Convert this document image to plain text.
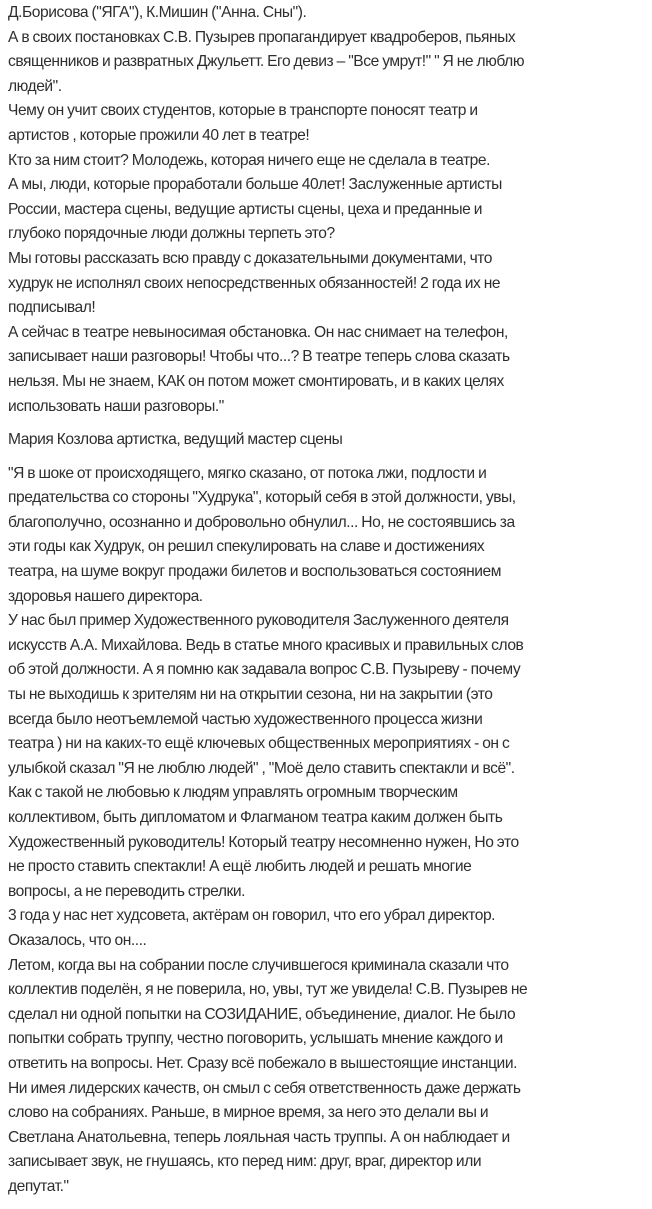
Д.Борисова ("ЯГА"), К.Мишин ("Анна. Сны").
А в своих постановках С.В. Пузырев пропагандирует квадроберов, пьяных
священников и развратных Джульетт. Его девиз – "Все умрут!" " Я не люблю
людей".
Чему он учит своих студентов, которые в транспорте поносят театр и
артистов , которые прожили 40 лет в театре!
Кто за ним стоит? Молодежь, которая ничего еще не сделала в театре.
А мы, люди, которые проработали больше 40лет! Заслуженные артисты
России, мастера сцены, ведущие артисты сцены, цеха и преданные и
глубоко порядочные люди должны терпеть это?
Мы готовы рассказать всю правду с доказательными документами, что
худрук не исполнял своих непосредственных обязанностей! 2 года их не
подписывал!
А сейчас в театре невыносимая обстановка. Он нас снимает на телефон,
записывает наши разговоры! Чтобы что...? В театре теперь слова сказать
нельзя. Мы не знаем, КАК он потом может смонтировать, и в каких целях
использовать наши разговоры."
Мария Козлова артистка, ведущий мастер сцены
"Я в шоке от происходящего, мягко сказано, от потока лжи, подлости и
предательства со стороны "Худрука", который себя в этой должности, увы,
благополучно, осознанно и добровольно обнулил... Но, не состоявшись за
эти годы как Худрук, он решил спекулировать на славе и достижениях
театра, на шуме вокруг продажи билетов и воспользоваться состоянием
здоровья нашего директора.
У нас был пример Художественного руководителя Заслуженного деятеля
искусств А.А. Михайлова. Ведь в статье много красивых и правильных слов
об этой должности. А я помню как задавала вопрос С.В. Пузыреву - почему
ты не выходишь к зрителям ни на открытии сезона, ни на закрытии (это
всегда было неотъемлемой частью художественного процесса жизни
театра ) ни на каких-то ещё ключевых общественных мероприятиях - он с
улыбкой сказал "Я не люблю людей" , "Моё дело ставить спектакли и всё".
Как с такой не любовью к людям управлять огромным творческим
коллективом, быть дипломатом и Флагманом театра каким должен быть
Художественный руководитель! Который театру несомненно нужен, Но это
не просто ставить спектакли! А ещё любить людей и решать многие
вопросы, а не переводить стрелки.
3 года у нас нет худсовета, актёрам он говорил, что его убрал директор.
Оказалось, что он....
Летом, когда вы на собрании после случившегося криминала сказали что
коллектив поделён, я не поверила, но, увы, тут же увидела! С.В. Пузырев не
сделал ни одной попытки на СОЗИДАНИЕ, объединение, диалог. Не было
попытки собрать труппу, честно поговорить, услышать мнение каждого и
ответить на вопросы. Нет. Сразу всё побежало в вышестоящие инстанции.
Ни имея лидерских качеств, он смыл с себя ответственность даже держать
слово на собраниях. Раньше, в мирное время, за него это делали вы и
Светлана Анатольевна, теперь лояльная часть труппы. А он наблюдает и
записывает звук, не гнушаясь, кто перед ним: друг, враг, директор или
депутат."
